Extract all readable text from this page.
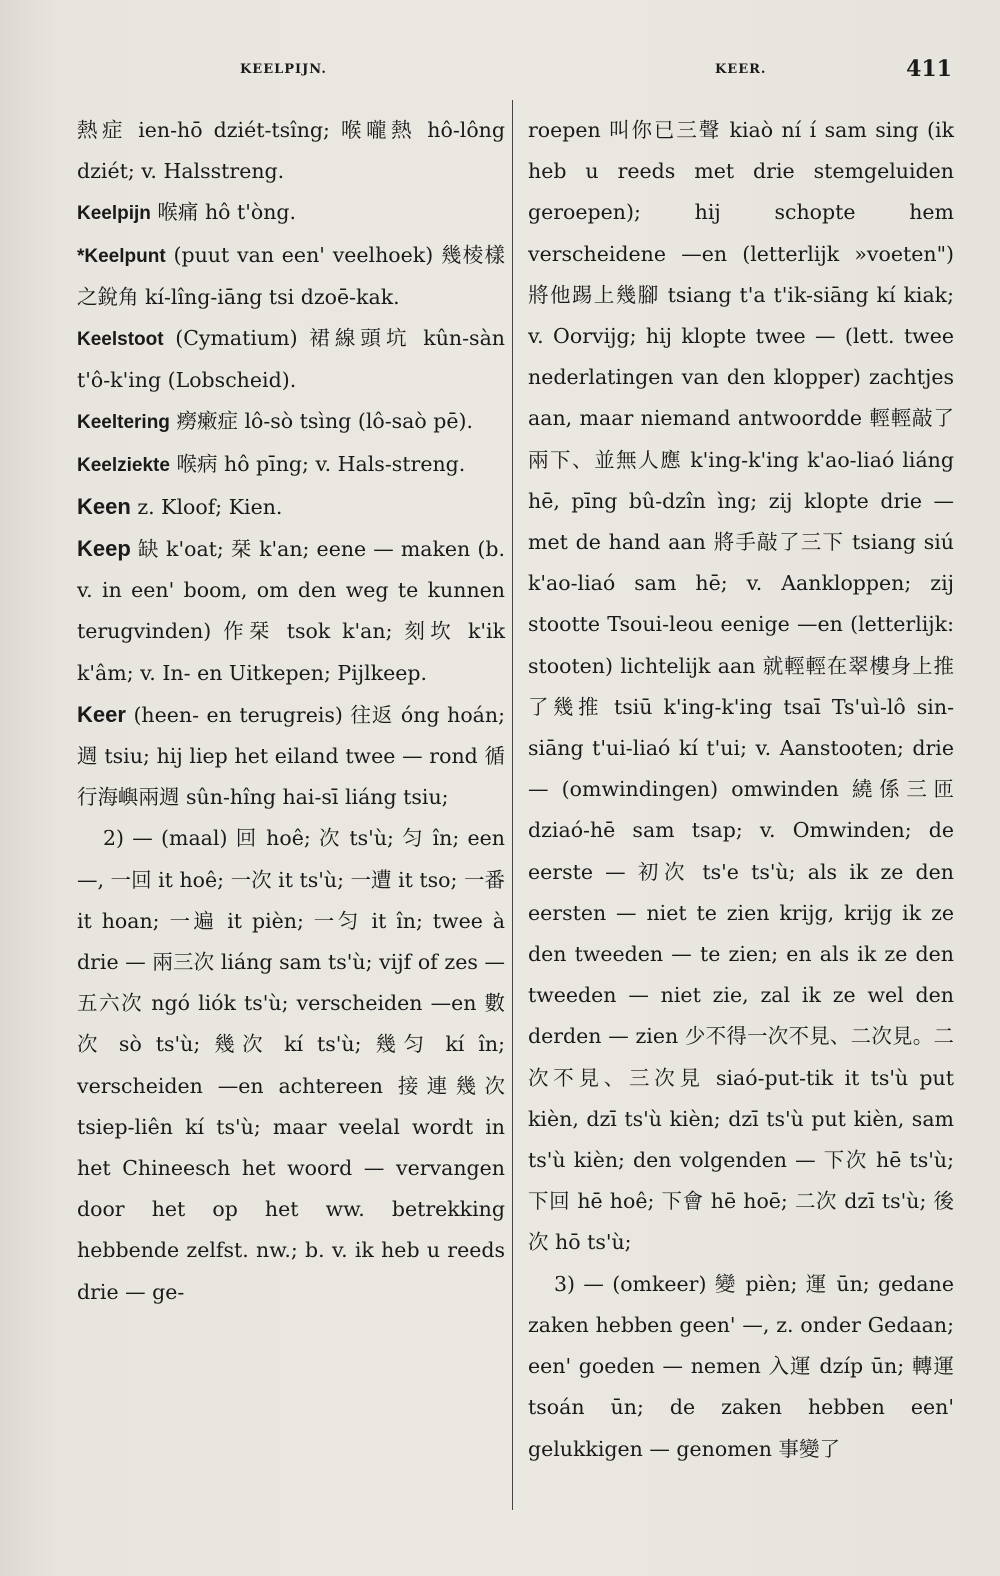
KEELPIJN.	KEER.	411

熱症 ien-hō dziét-tsîng; 喉嚨熱 hô-lông dziét; v. Halsstreng.

Keelpijn 喉痛 hô t'òng.

*Keelpunt (puut van een' veelhoek) 幾棱樣之銳角 kí-lîng-iāng tsi dzoē-kak.

Keelstoot (Cymatium) 裙線頭坑 kûn-sàn t'ô-k'ing (Lobscheid).

Keeltering 癆瘷症 lô-sò tsìng (lô-saò pē).

Keelziekte 喉病 hô pīng; v. Hals-streng.

Keen z. Kloof; Kien.

Keep 缺 k'oat; 栞 k'an; eene — maken (b. v. in een' boom, om den weg te kunnen terugvinden) 作栞 tsok k'an; 刻坎 k'ik k'âm; v. In- en Uitkepen; Pijlkeep.

Keer (heen- en terugreis) 往返 óng hoán; 週 tsiu; hij liep het eiland twee — rond 循行海嶼兩週 sûn-hîng hai-sī liáng tsiu;

2) — (maal) 回 hoê; 次 ts'ù; 匀 în; een —, 一回 it hoê; 一次 it ts'ù; 一遭 it tso; 一番 it hoan; 一遍 it pièn; 一匀 it în; twee à drie — 兩三次 liáng sam ts'ù; vijf of zes — 五六次 ngó liók ts'ù; verscheiden —en 數次 sò ts'ù; 幾次 kí ts'ù; 幾匀 kí în; verscheiden —en achtereen 接連幾次 tsiep-liên kí ts'ù; maar veelal wordt in het Chineesch het woord — vervangen door het op het ww. betrekking hebbende zelfst. nw.; b. v. ik heb u reeds drie — ge-

roepen 叫你已三聲 kiaò ní í sam sing (ik heb u reeds met drie stemgeluiden geroepen); hij schopte hem verscheidene —en (letterlijk »voeten") 將他踢上幾腳 tsiang t'a t'ik-siāng kí kiak; v. Oorvijg; hij klopte twee — (lett. twee nederlatingen van den klopper) zachtjes aan, maar niemand antwoordde 輕輕敲了兩下、並無人應 k'ing-k'ing k'ao-liaó liáng hē, pīng bû-dzîn ìng; zij klopte drie — met de hand aan 將手敲了三下 tsiang siú k'ao-liaó sam hē; v. Aankloppen; zij stootte Tsoui-leou eenige —en (letterlijk: stooten) lichtelijk aan 就輕輕在翠樓身上推了幾推 tsiū k'ing-k'ing tsaī Ts'uì-lô sin-siāng t'ui-liaó kí t'ui; v. Aanstooten; drie — (omwindingen) omwinden 繞係三匝 dziaó-hē sam tsap; v. Omwinden; de eerste — 初次 ts'e ts'ù; als ik ze den eersten — niet te zien krijg, krijg ik ze den tweeden — te zien; en als ik ze den tweeden — niet zie, zal ik ze wel den derden — zien 少不得一次不見、二次見。二次不見、三次見 siaó-put-tik it ts'ù put kièn, dzī ts'ù kièn; dzī ts'ù put kièn, sam ts'ù kièn; den volgenden — 下次 hē ts'ù; 下回 hē hoê; 下會 hē hoē; 二次 dzī ts'ù; 後次 hō ts'ù;

3) — (omkeer) 變 pièn; 運 ūn; gedane zaken hebben geen' —, z. onder Gedaan; een' goeden — nemen 入運 dzíp ūn; 轉運 tsoán ūn; de zaken hebben een' gelukkigen — genomen 事變了
